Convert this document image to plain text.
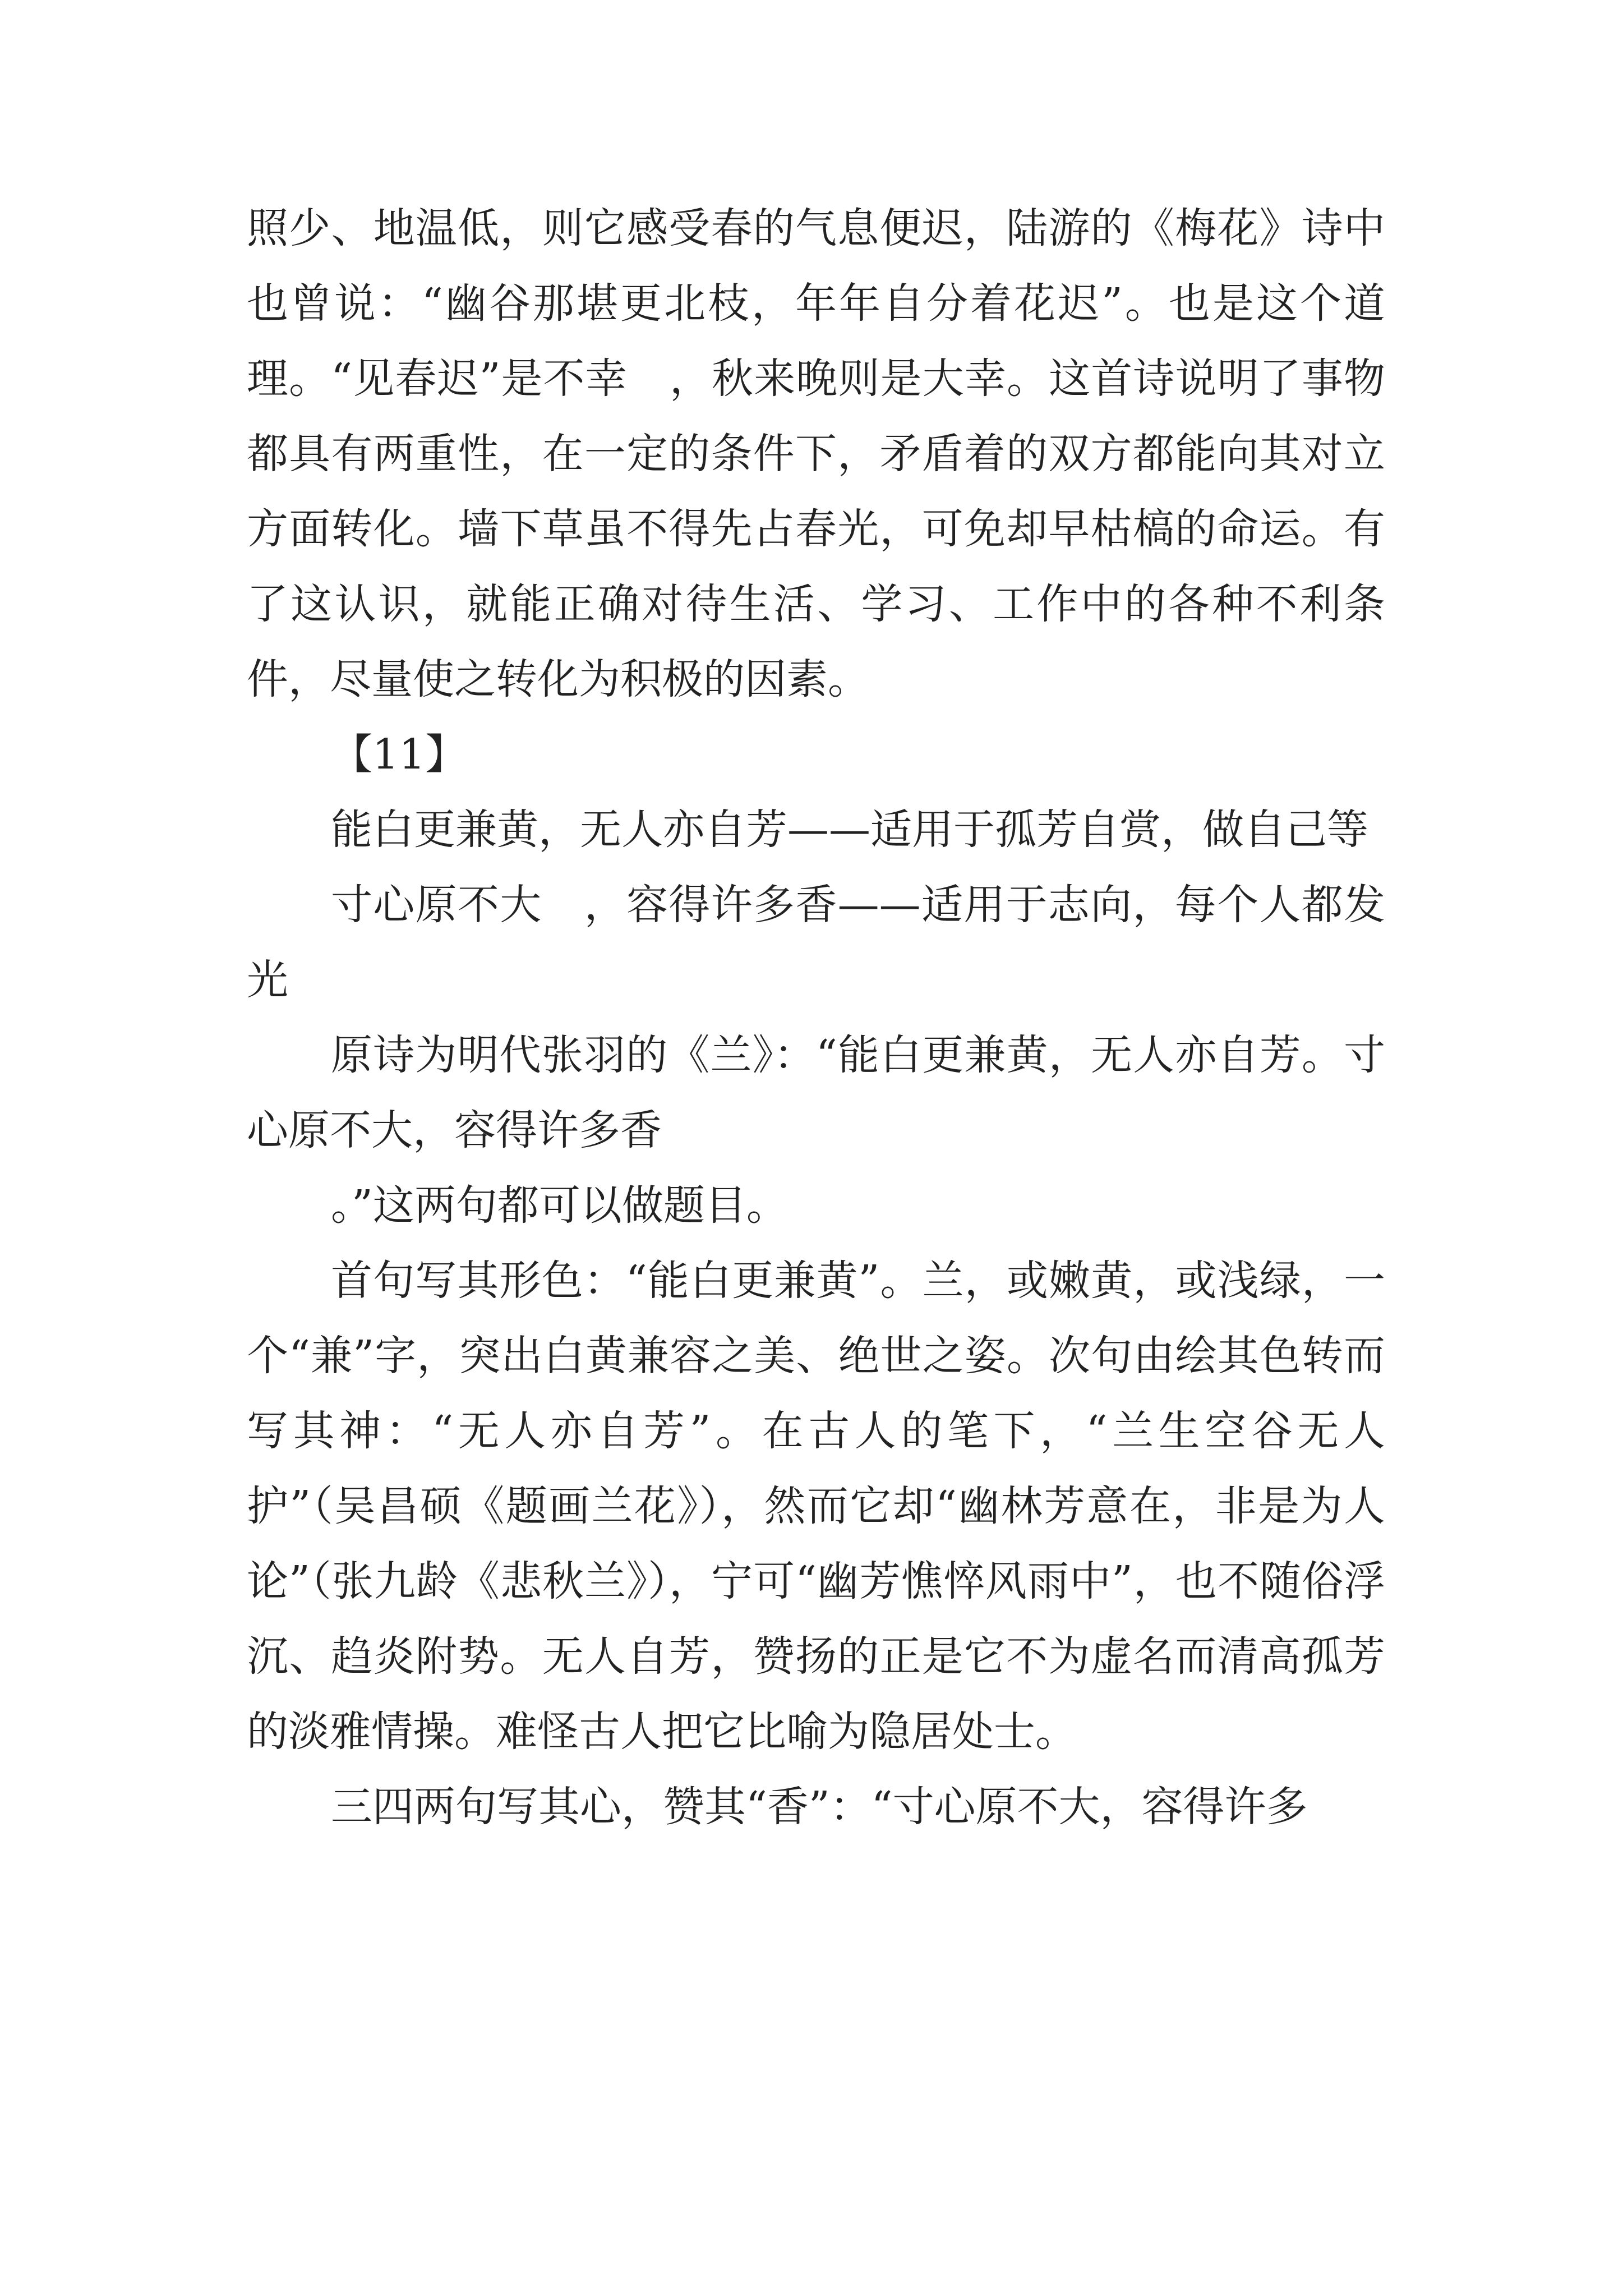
照少、地温低，则它感受春的气息便迟，陆游的《梅花》诗中也曾说：“幽谷那堪更北枝，年年自分着花迟”。也是这个道理。“见春迟”是不幸　，秋来晚则是大幸。这首诗说明了事物都具有两重性，在一定的条件下，矛盾着的双方都能向其对立方面转化。墙下草虽不得先占春光，可免却早枯槁的命运。有了这认识，就能正确对待生活、学习、工作中的各种不利条件，尽量使之转化为积极的因素。

【11】

能白更兼黄，无人亦自芳——适用于孤芳自赏，做自己等

寸心原不大　，容得许多香——适用于志向，每个人都发光

原诗为明代张羽的《兰》：“能白更兼黄，无人亦自芳。寸心原不大，容得许多香

。”这两句都可以做题目。

首句写其形色：“能白更兼黄”。兰，或嫩黄，或浅绿，一个“兼”字，突出白黄兼容之美、绝世之姿。次句由绘其色转而写其神：“无人亦自芳”。在古人的笔下，“兰生空谷无人护”（吴昌硕《题画兰花》），然而它却“幽林芳意在，非是为人论”（张九龄《悲秋兰》），宁可“幽芳憔悴风雨中”，也不随俗浮沉、趋炎附势。无人自芳，赞扬的正是它不为虚名而清高孤芳的淡雅情操。难怪古人把它比喻为隐居处士。

三四两句写其心，赞其“香”：“寸心原不大，容得许多
